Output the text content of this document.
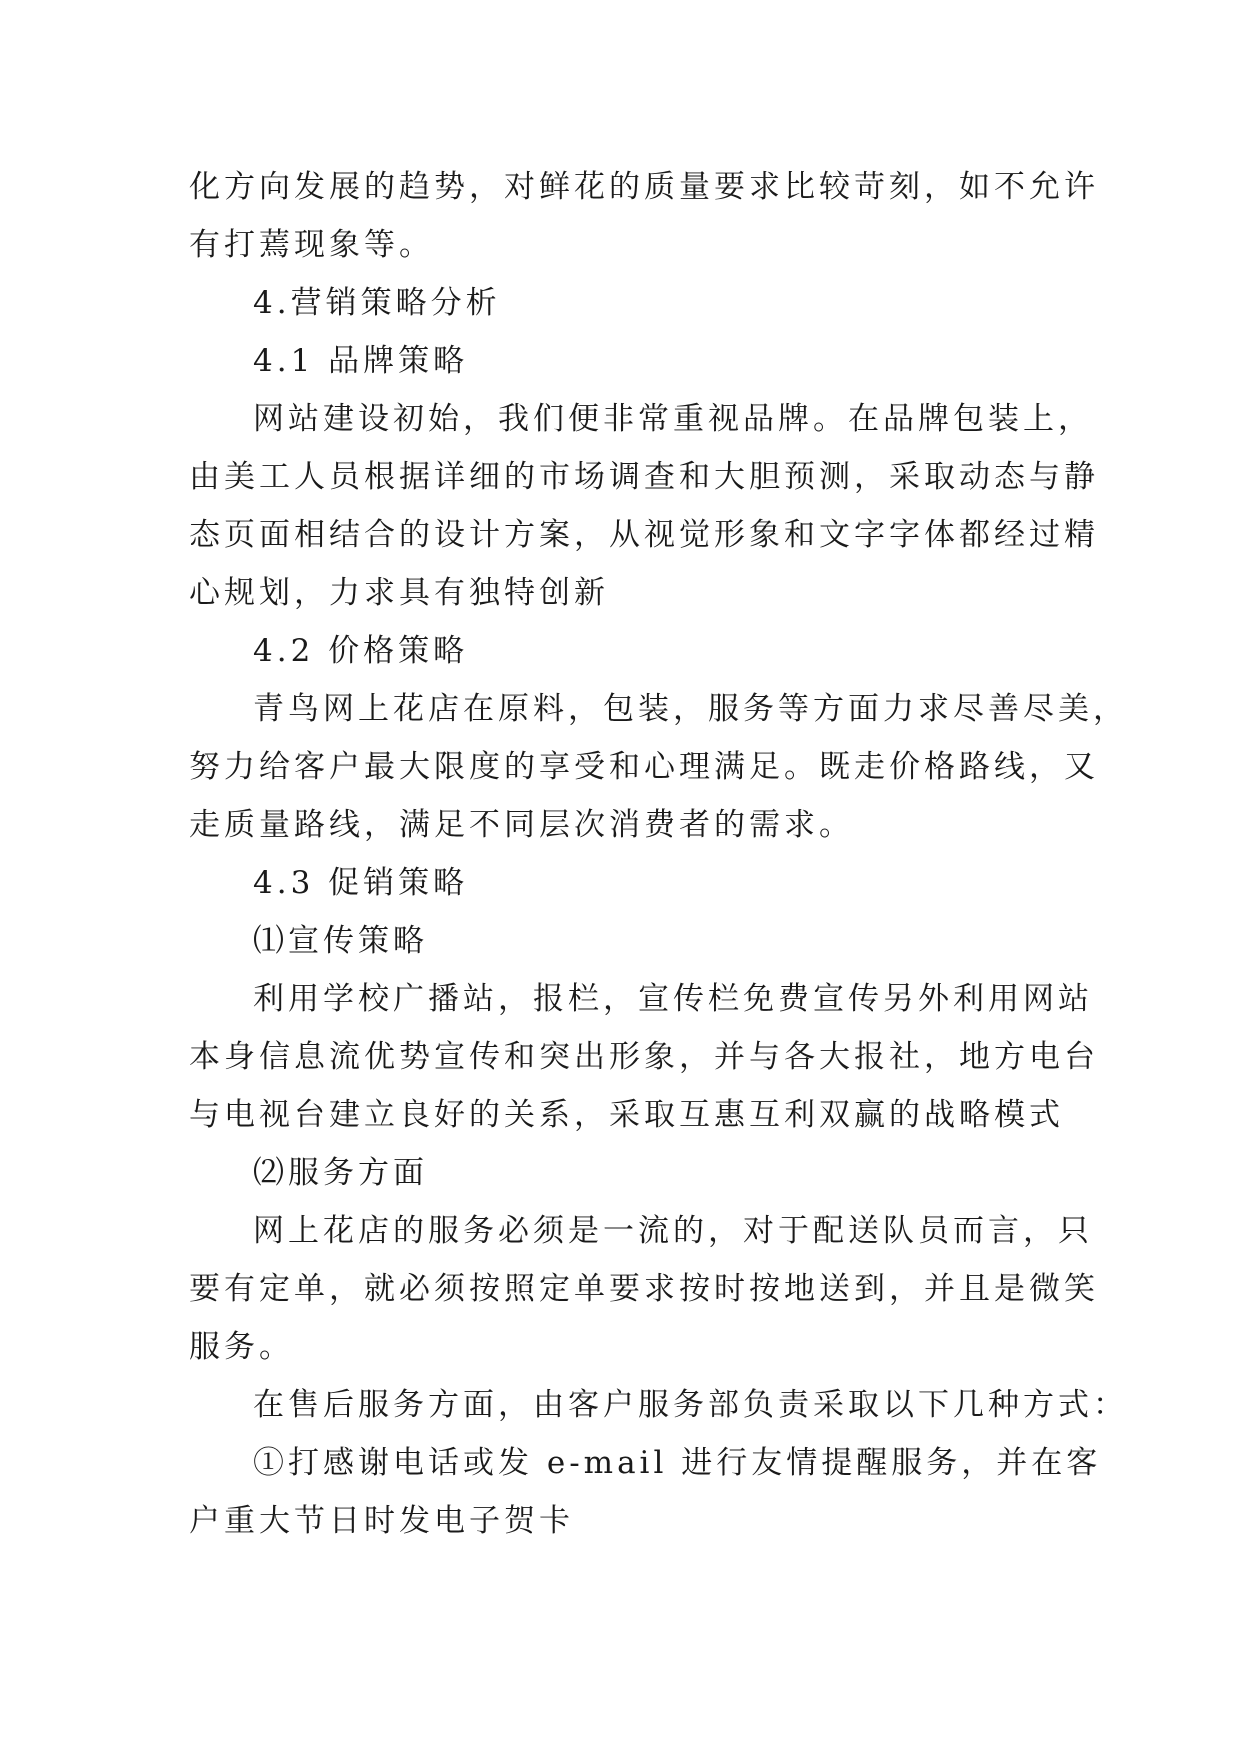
化方向发展的趋势，对鲜花的质量要求比较苛刻，如不允许
有打蔫现象等。
4.营销策略分析
4.1 品牌策略
网站建设初始，我们便非常重视品牌。在品牌包装上，
由美工人员根据详细的市场调查和大胆预测，采取动态与静
态页面相结合的设计方案，从视觉形象和文字字体都经过精
心规划，力求具有独特创新
4.2 价格策略
青鸟网上花店在原料，包装，服务等方面力求尽善尽美，
努力给客户最大限度的享受和心理满足。既走价格路线，又
走质量路线，满足不同层次消费者的需求。
4.3 促销策略
⑴宣传策略
利用学校广播站，报栏，宣传栏免费宣传另外利用网站
本身信息流优势宣传和突出形象，并与各大报社，地方电台
与电视台建立良好的关系，采取互惠互利双赢的战略模式
⑵服务方面
网上花店的服务必须是一流的，对于配送队员而言，只
要有定单，就必须按照定单要求按时按地送到，并且是微笑
服务。
在售后服务方面，由客户服务部负责采取以下几种方式：
①打感谢电话或发 e-mail 进行友情提醒服务，并在客
户重大节日时发电子贺卡
